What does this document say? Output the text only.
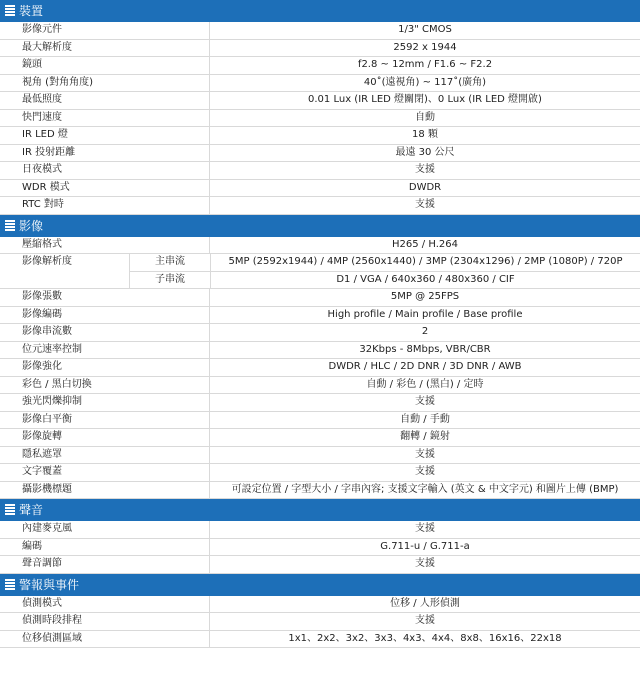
裝置
影像元件	1/3" CMOS
最大解析度	2592 x 1944
鏡頭	f2.8 ~ 12mm / F1.6 ~ F2.2
視角 (對角角度)	40˚(遠視角) ~ 117˚(廣角)
最低照度	0.01 Lux (IR LED 燈關閉)、0 Lux (IR LED 燈開啟)
快門速度	自動
IR LED 燈	18 顆
IR 投射距離	最遠 30 公尺
日夜模式	支援
WDR 模式	DWDR
RTC 對時	支援
影像
壓縮格式	H265 / H.264
影像解析度	主串流	5MP (2592x1944) / 4MP (2560x1440) / 3MP (2304x1296) / 2MP (1080P) / 720P
子串流	D1 / VGA / 640x360 / 480x360 / CIF
影像張數	5MP @ 25FPS
影像編碼	High profile / Main profile / Base profile
影像串流數	2
位元速率控制	32Kbps - 8Mbps, VBR/CBR
影像強化	DWDR / HLC / 2D DNR / 3D DNR / AWB
彩色 / 黑白切換	自動 / 彩色 / (黑白) / 定時
強光閃爍抑制	支援
影像白平衡	自動 / 手動
影像旋轉	翻轉 / 鏡射
隱私遮罩	支援
文字覆蓋	支援
攝影機標題	可設定位置 / 字型大小 / 字串內容; 支援文字輸入 (英文 & 中文字元) 和圖片上傳 (BMP)
聲音
內建麥克風	支援
編碼	G.711-u / G.711-a
聲音調節	支援
警報與事件
偵測模式	位移 / 人形偵測
偵測時段排程	支援
位移偵測區域	1x1、2x2、3x2、3x3、4x3、4x4、8x8、16x16、22x18
